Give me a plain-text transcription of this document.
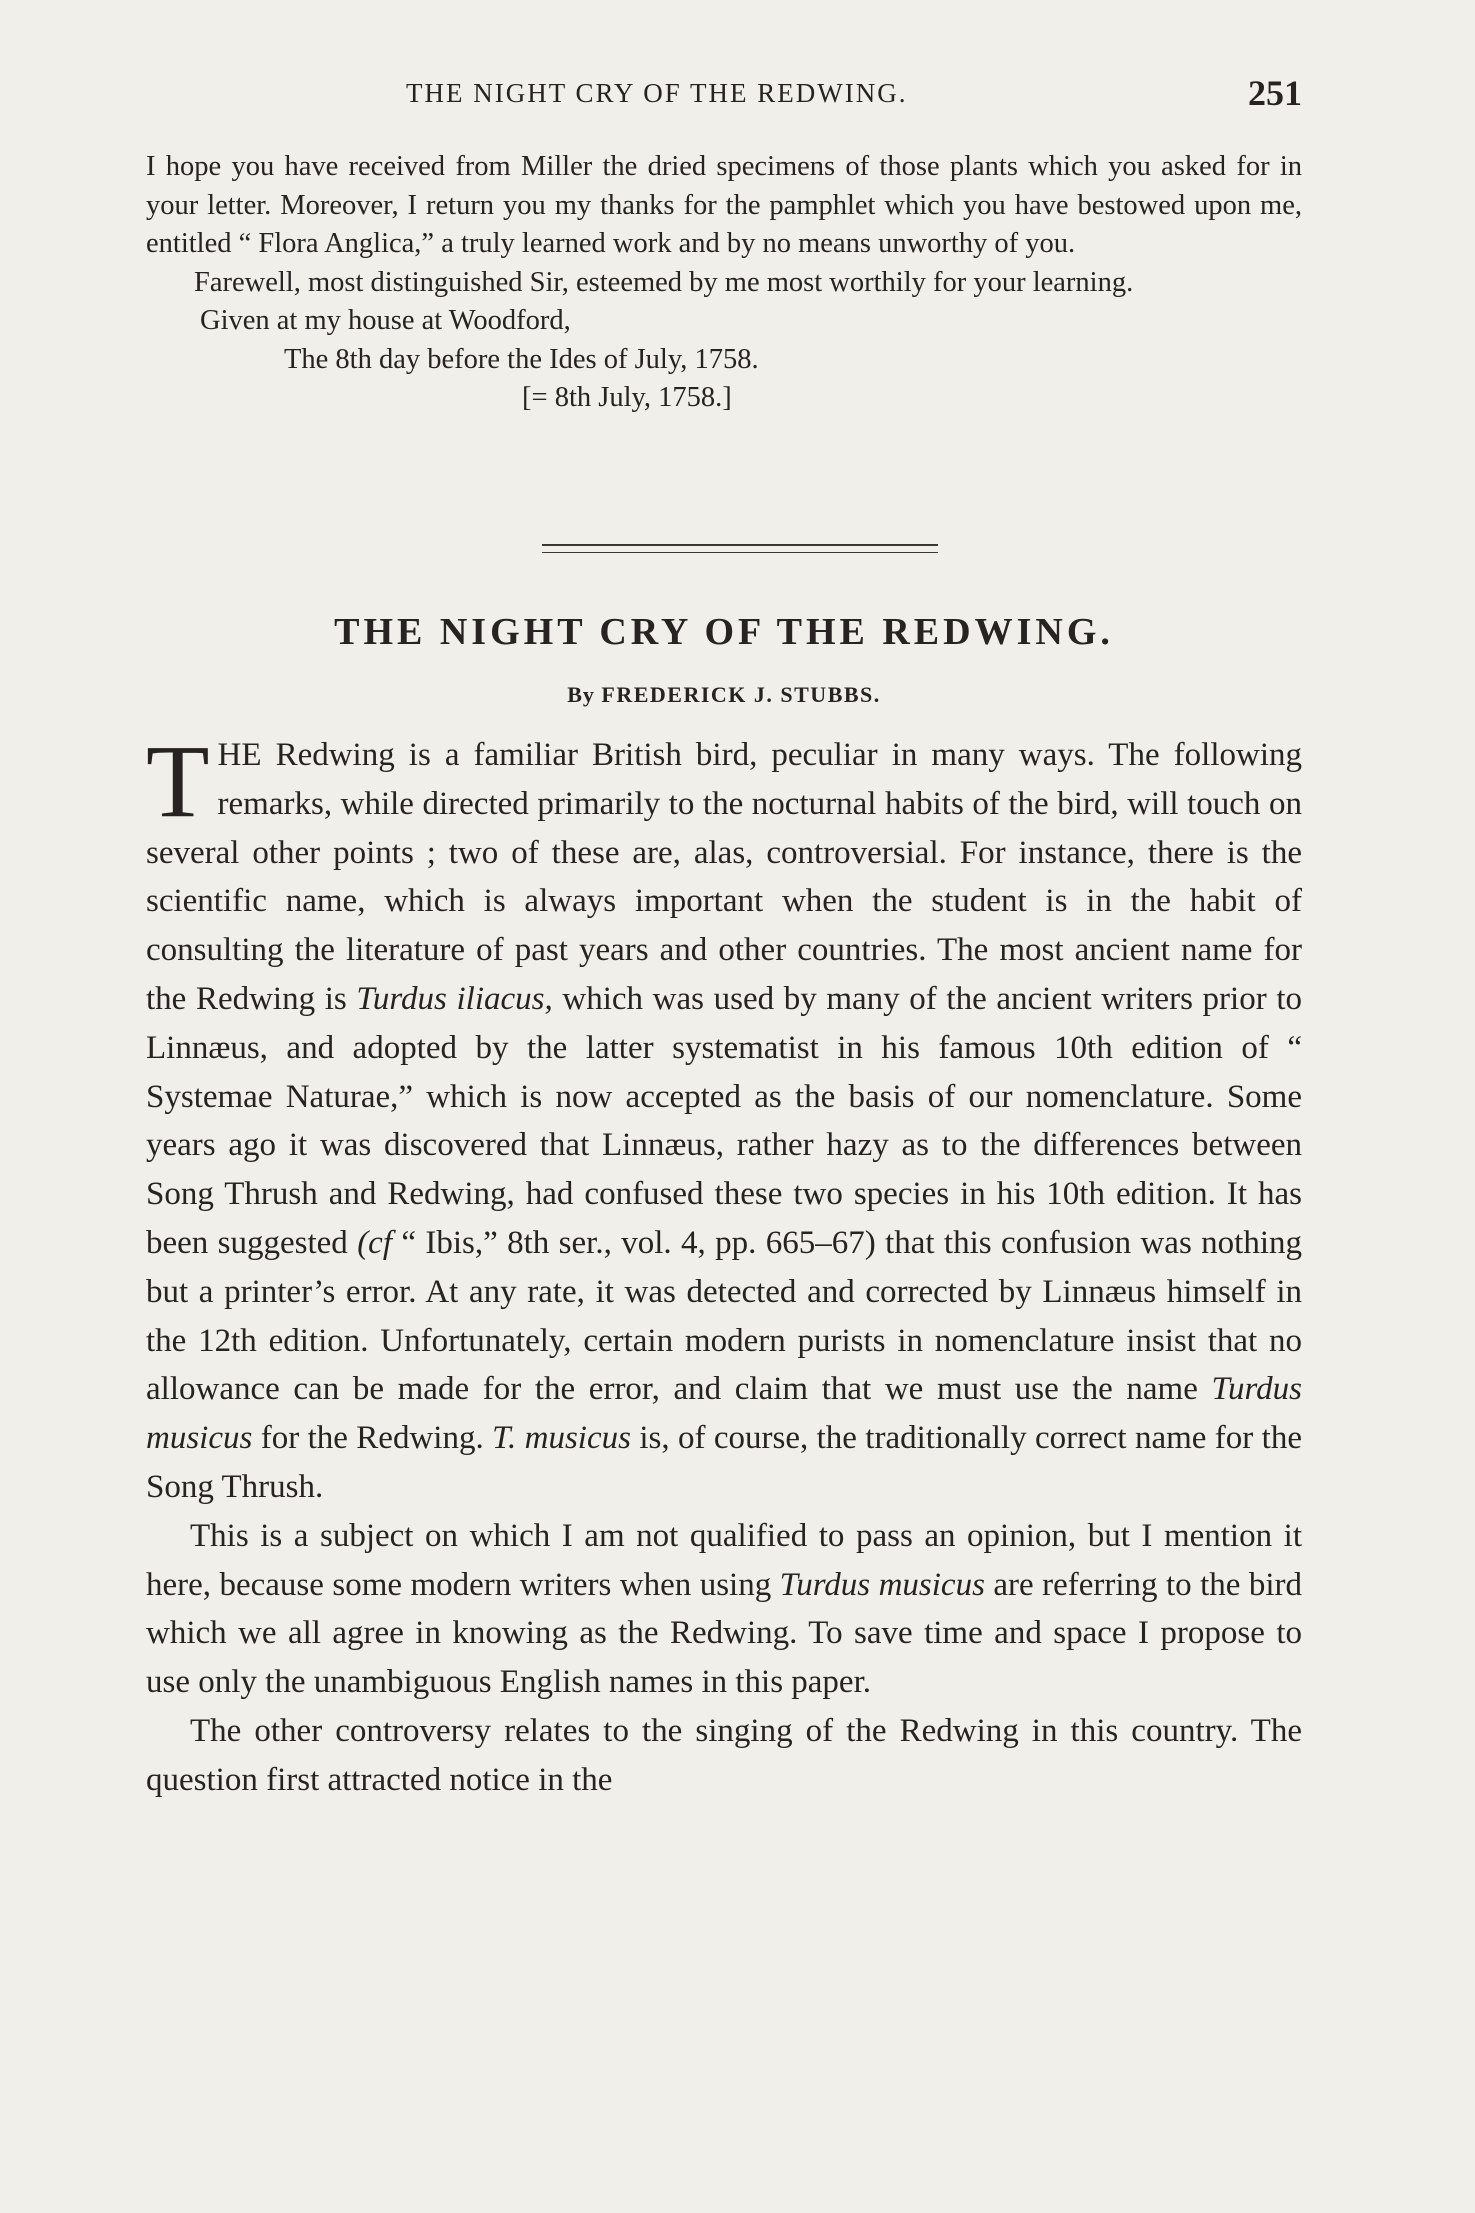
THE NIGHT CRY OF THE REDWING.	251

I hope you have received from Miller the dried specimens of those plants which you asked for in your letter. Moreover, I return you my thanks for the pamphlet which you have bestowed upon me, entitled “ Flora Anglica,” a truly learned work and by no means unworthy of you.

Farewell, most distinguished Sir, esteemed by me most worthily for your learning.

Given at my house at Woodford,

The 8th day before the Ides of July, 1758.

[= 8th July, 1758.]

THE NIGHT CRY OF THE REDWING.
By FREDERICK J. STUBBS.

THE Redwing is a familiar British bird, peculiar in many ways. The following remarks, while directed primarily to the nocturnal habits of the bird, will touch on several other points ; two of these are, alas, controversial. For instance, there is the scientific name, which is always important when the student is in the habit of consulting the literature of past years and other countries. The most ancient name for the Redwing is Turdus iliacus, which was used by many of the ancient writers prior to Linnæus, and adopted by the latter systematist in his famous 10th edition of “ Systemae Naturae,” which is now accepted as the basis of our nomenclature. Some years ago it was discovered that Linnæus, rather hazy as to the differences between Song Thrush and Redwing, had confused these two species in his 10th edition. It has been suggested (cf “ Ibis,” 8th ser., vol. 4, pp. 665–67) that this confusion was nothing but a printer’s error. At any rate, it was detected and corrected by Linnæus himself in the 12th edition. Unfortunately, certain modern purists in nomenclature insist that no allowance can be made for the error, and claim that we must use the name Turdus musicus for the Redwing. T. musicus is, of course, the traditionally correct name for the Song Thrush.

This is a subject on which I am not qualified to pass an opinion, but I mention it here, because some modern writers when using Turdus musicus are referring to the bird which we all agree in knowing as the Redwing. To save time and space I propose to use only the unambiguous English names in this paper.

The other controversy relates to the singing of the Redwing in this country. The question first attracted notice in the
